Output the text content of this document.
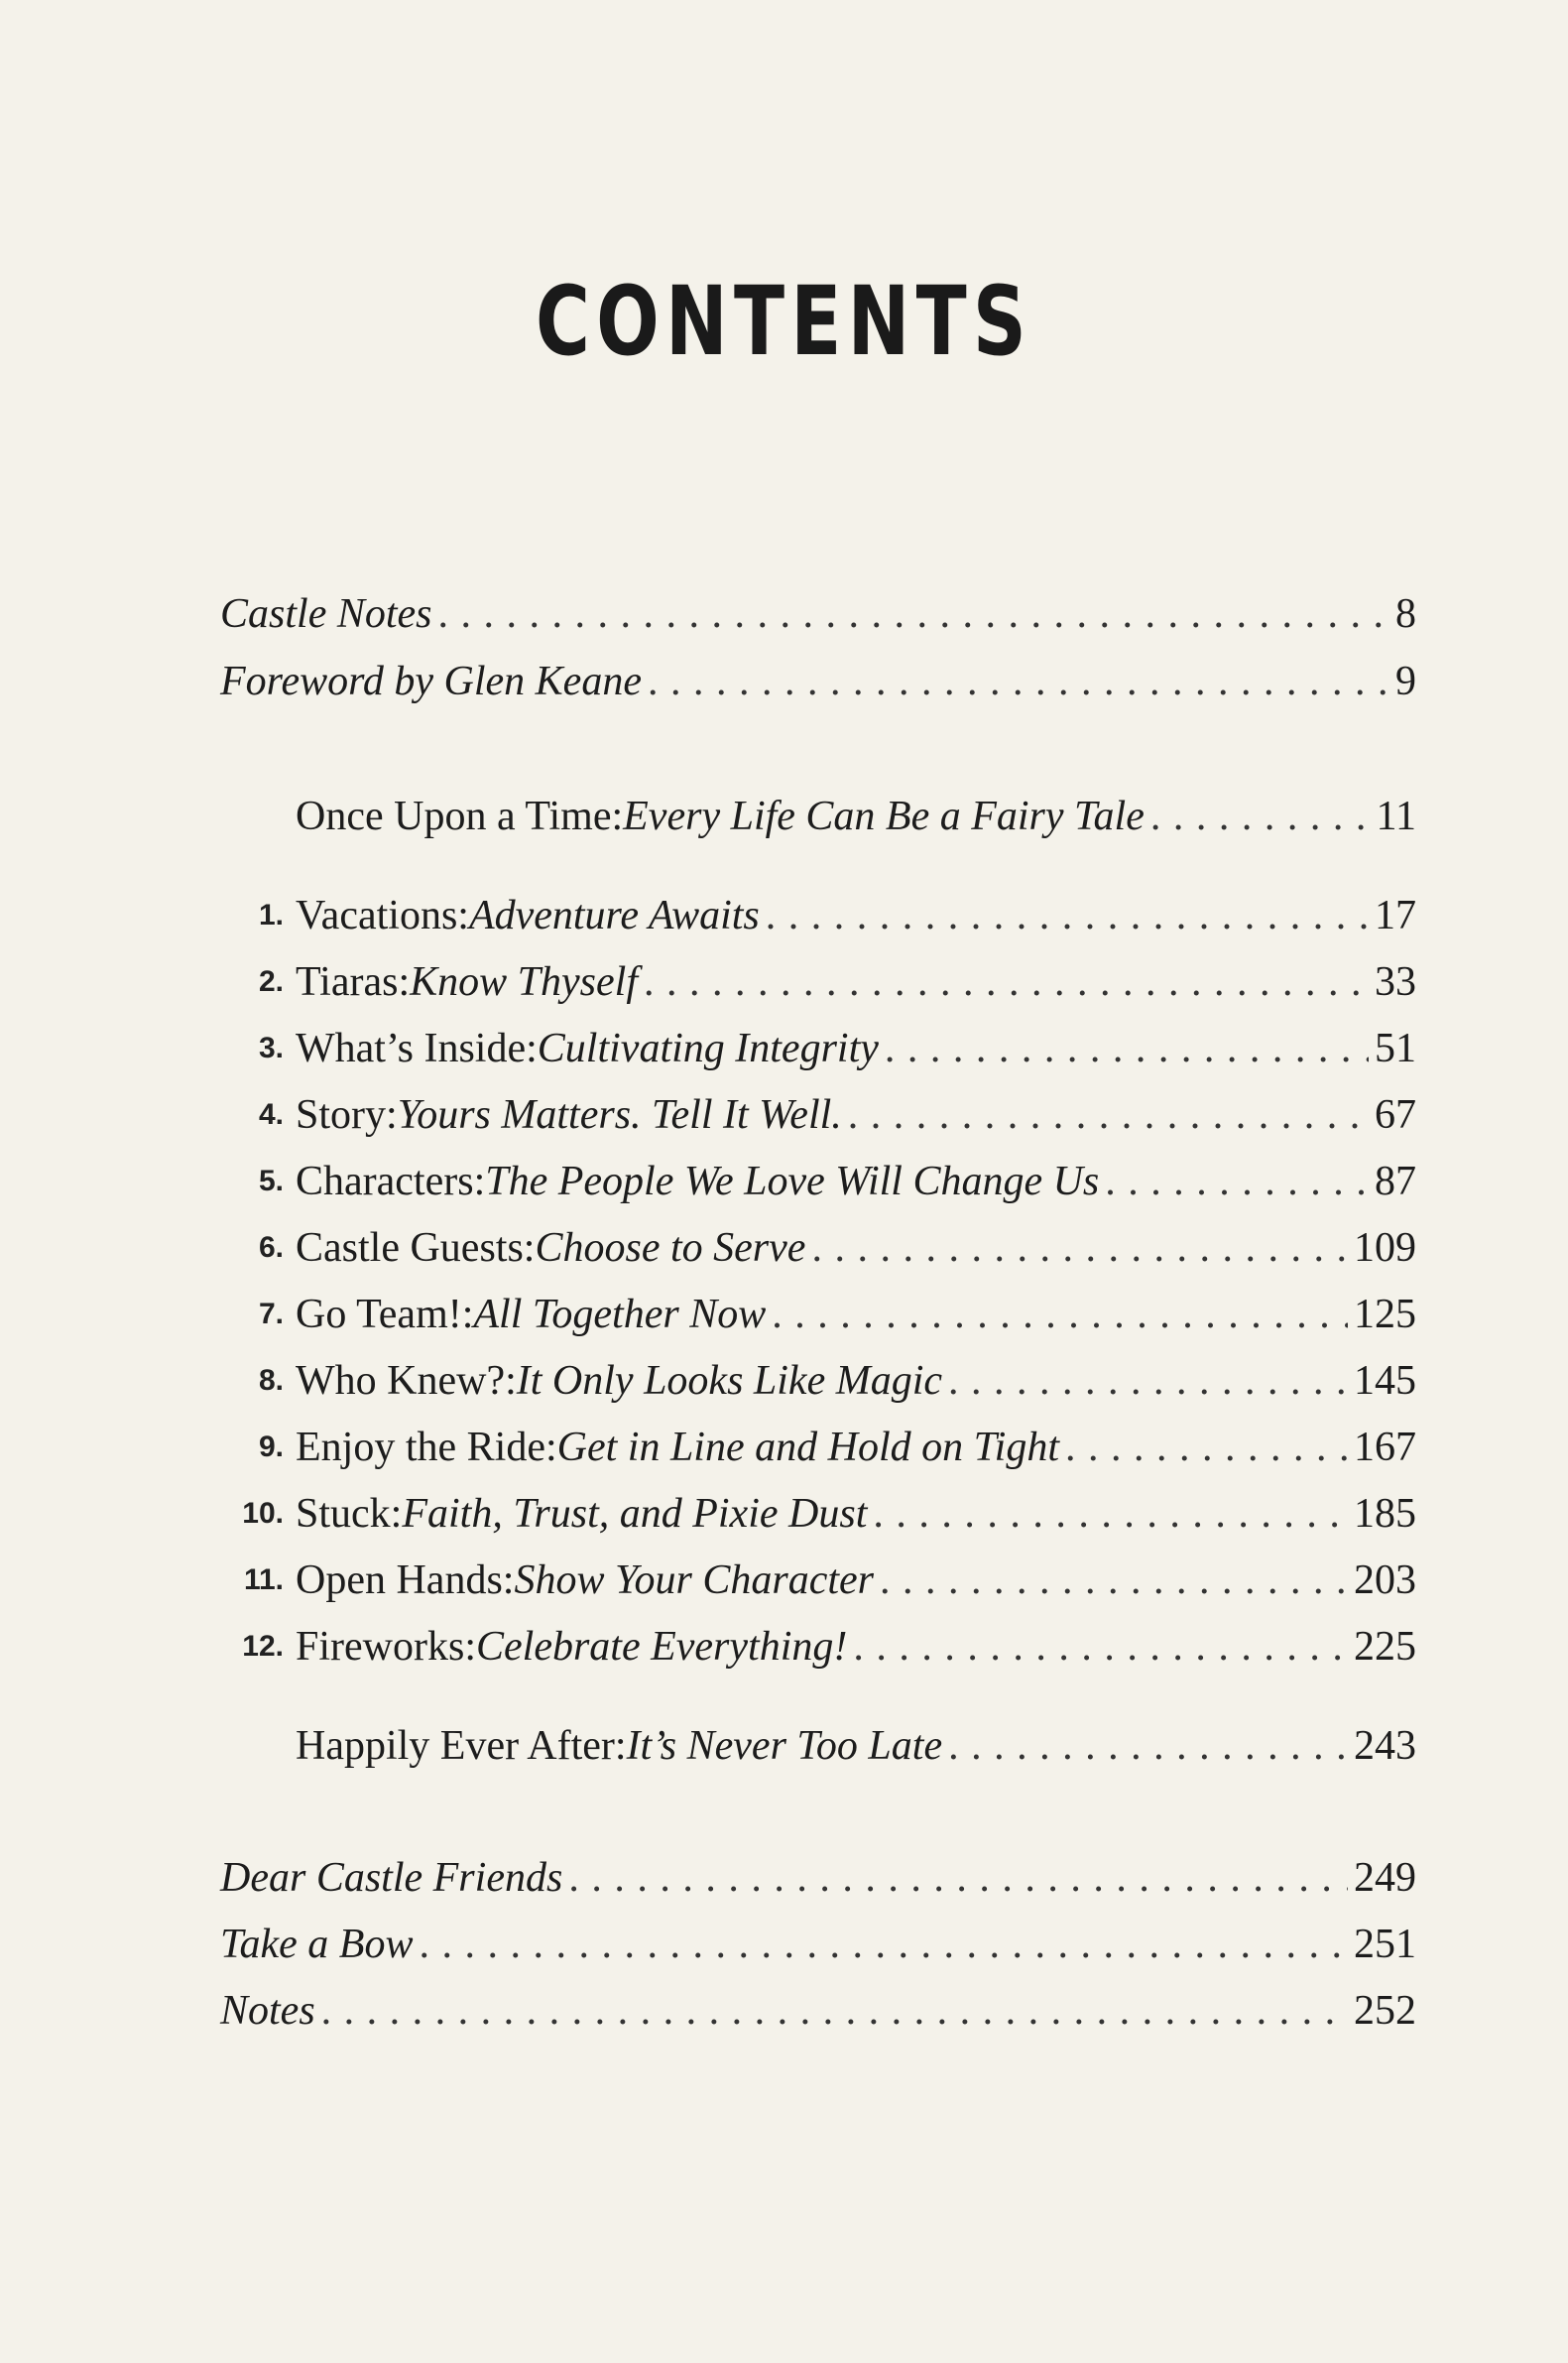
CONTENTS
Castle Notes . . .	8
Foreword by Glen Keane . . .	9
Once Upon a Time: Every Life Can Be a Fairy Tale . . .	11
1. Vacations: Adventure Awaits . . .	17
2. Tiaras: Know Thyself . . .	33
3. What’s Inside: Cultivating Integrity . . .	51
4. Story: Yours Matters. Tell It Well. . . .	67
5. Characters: The People We Love Will Change Us . . .	87
6. Castle Guests: Choose to Serve . . .	109
7. Go Team!: All Together Now . . .	125
8. Who Knew?: It Only Looks Like Magic . . .	145
9. Enjoy the Ride: Get in Line and Hold on Tight . . .	167
10. Stuck: Faith, Trust, and Pixie Dust . . .	185
11. Open Hands: Show Your Character . . .	203
12. Fireworks: Celebrate Everything! . . .	225
Happily Ever After: It’s Never Too Late . . .	243
Dear Castle Friends . . .	249
Take a Bow . . .	251
Notes . . .	252
